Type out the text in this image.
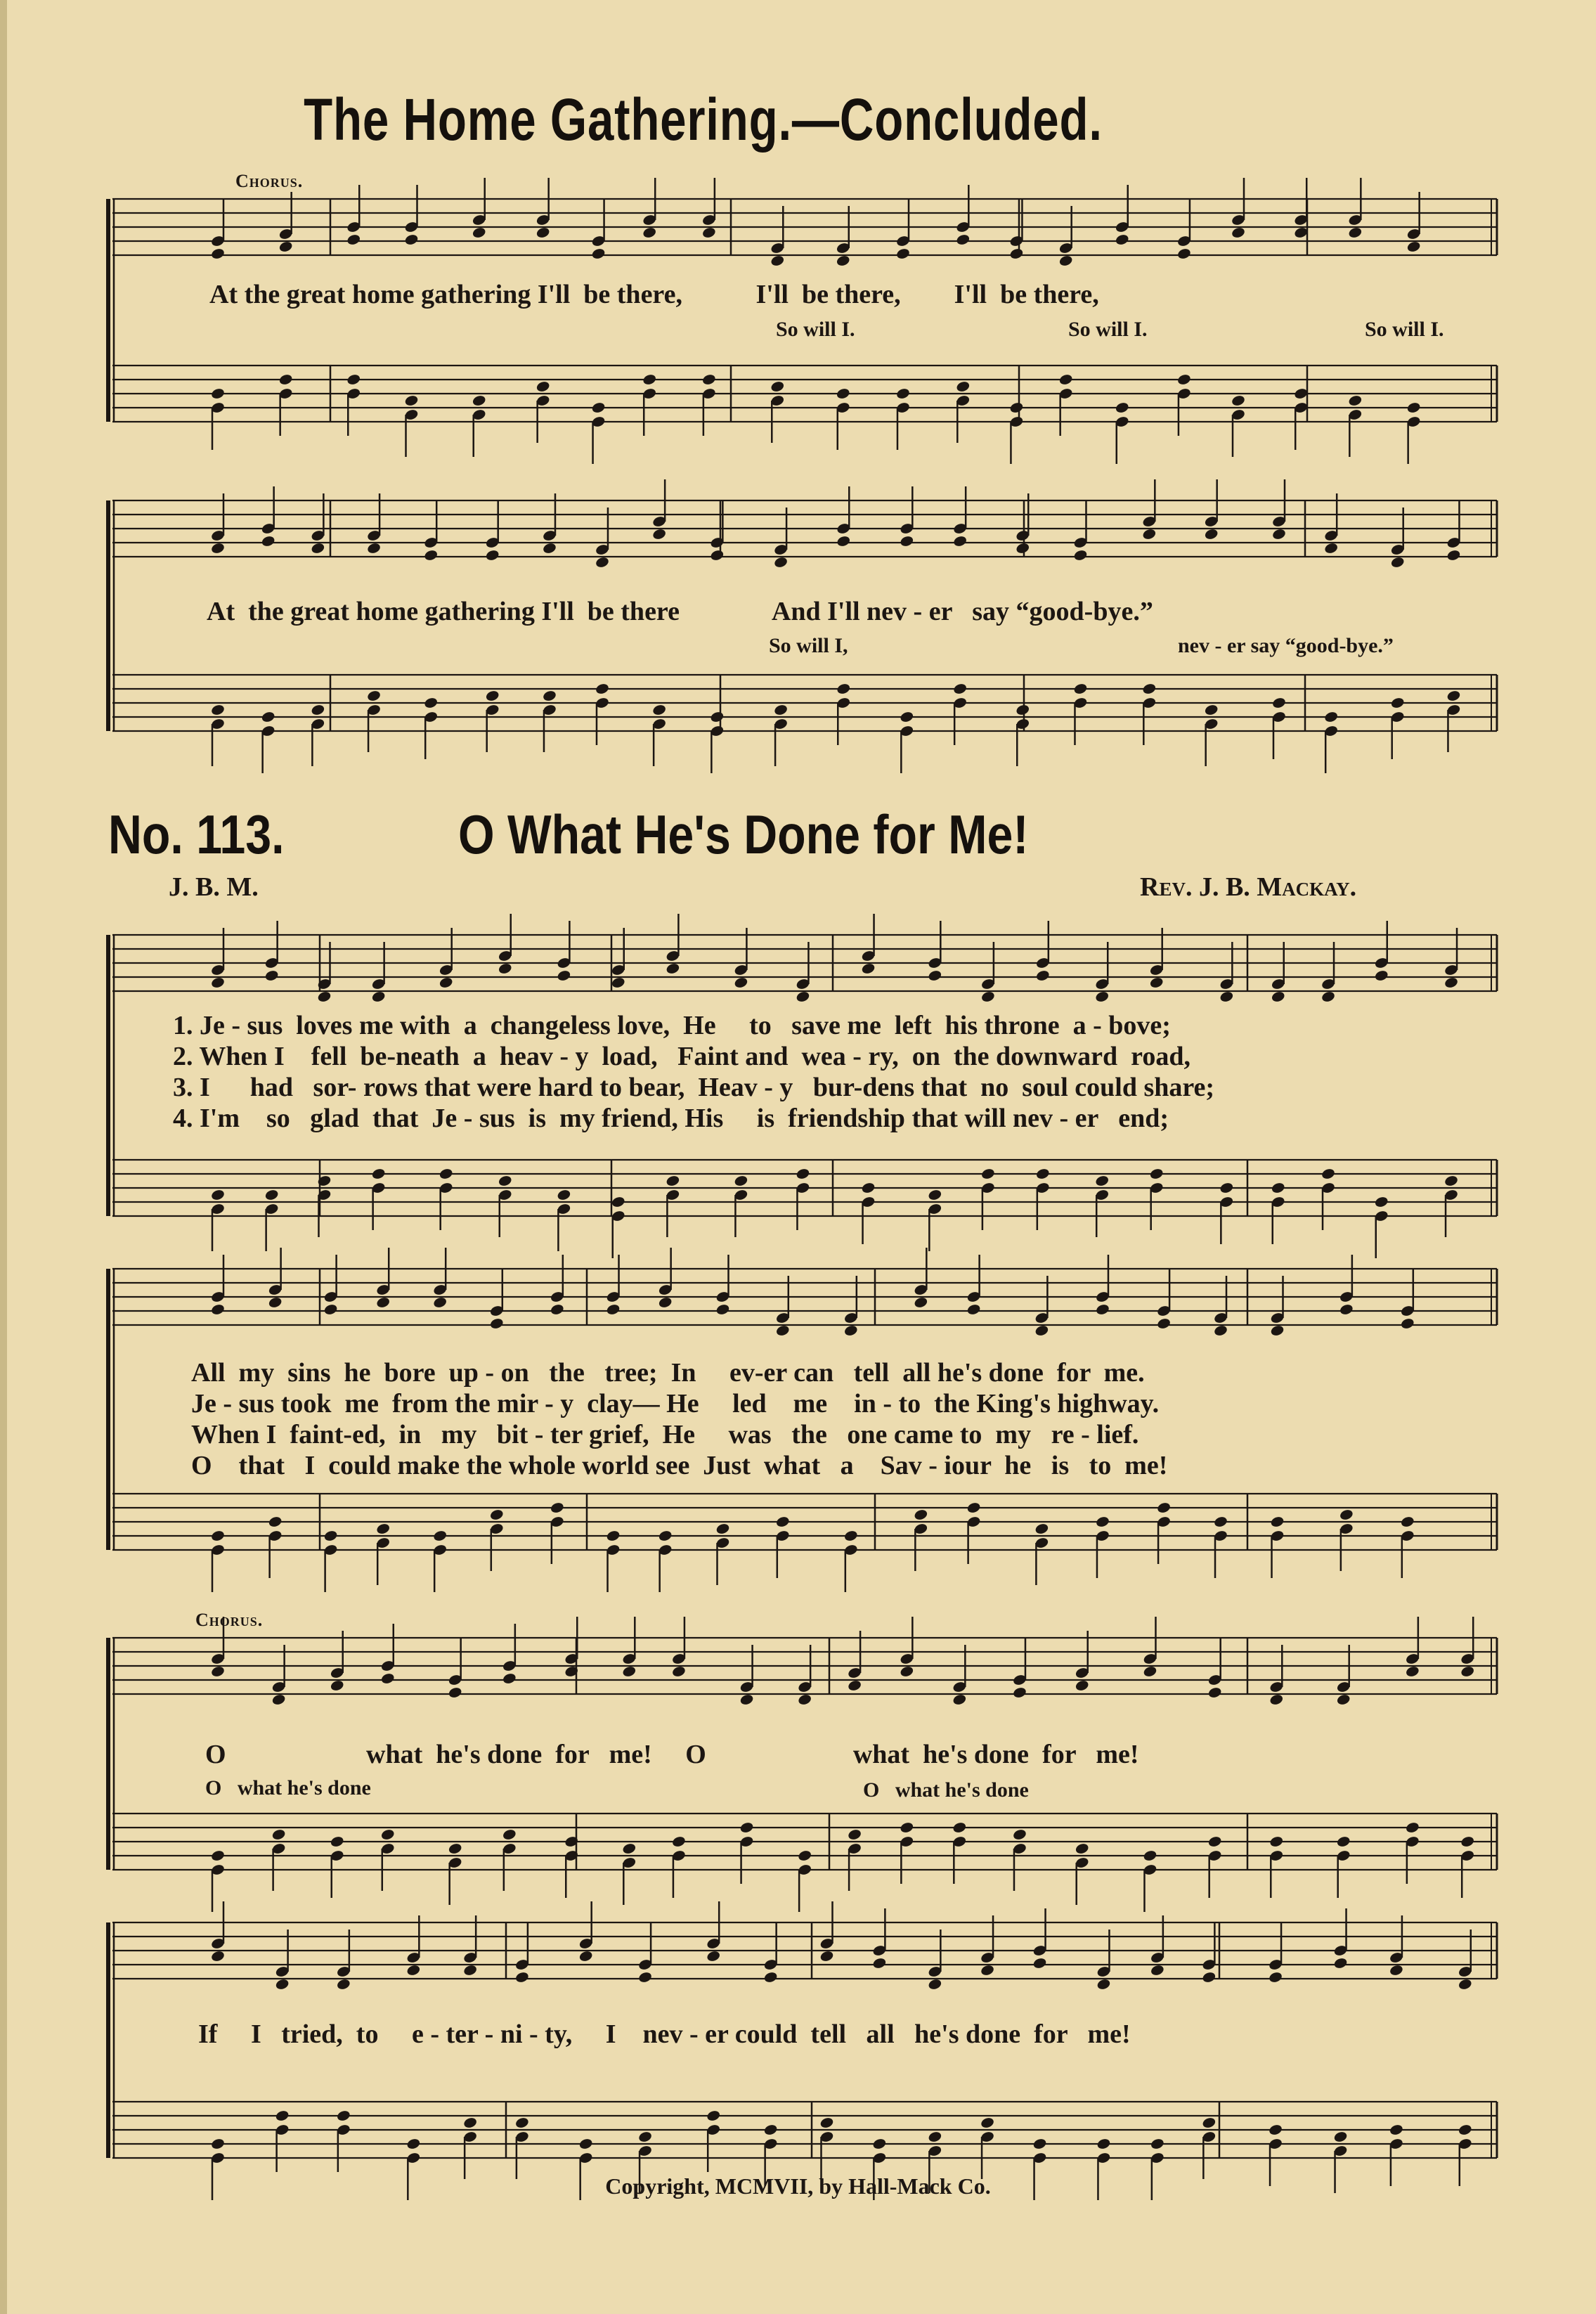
The Home Gathering.—Concluded.
Chorus.
At the great home gathering I'll  be there,           I'll  be there,        I'll  be there,
So will I.	So will I.	So will I.
At  the great home gathering I'll  be there              And I'll nev - er   say “good-bye.”
So will I,	nev - er say “good-bye.”
No. 113.	O What He's Done for Me!
J. B. M.	Rev. J. B. Mackay.
1. Je - sus  loves me with  a  changeless love,  He     to   save me  left  his throne  a - bove;
2. When I    fell  be-neath  a  heav - y  load,   Faint and  wea - ry,  on  the downward  road,
3. I      had   sor- rows that were hard to bear,  Heav - y   bur-dens that  no  soul could share;
4. I'm    so   glad  that  Je - sus  is  my friend, His     is  friendship that will nev - er   end;
All  my  sins  he  bore  up - on   the   tree;  In     ev-er can   tell  all he's done  for  me.
Je - sus took  me  from the mir - y  clay— He     led    me    in - to  the King's highway.
When I  faint-ed,  in   my   bit - ter grief,  He     was   the   one came to  my   re - lief.
O    that   I  could make the whole world see  Just  what   a    Sav - iour  he   is   to  me!
Chorus.
O                     what  he's done  for   me!     O                      what  he's done  for   me!
O   what he's done	O   what he's done
If     I   tried,  to     e - ter - ni - ty,     I    nev - er could  tell   all   he's done  for   me!
Copyright, MCMVII, by Hall-Mack Co.
